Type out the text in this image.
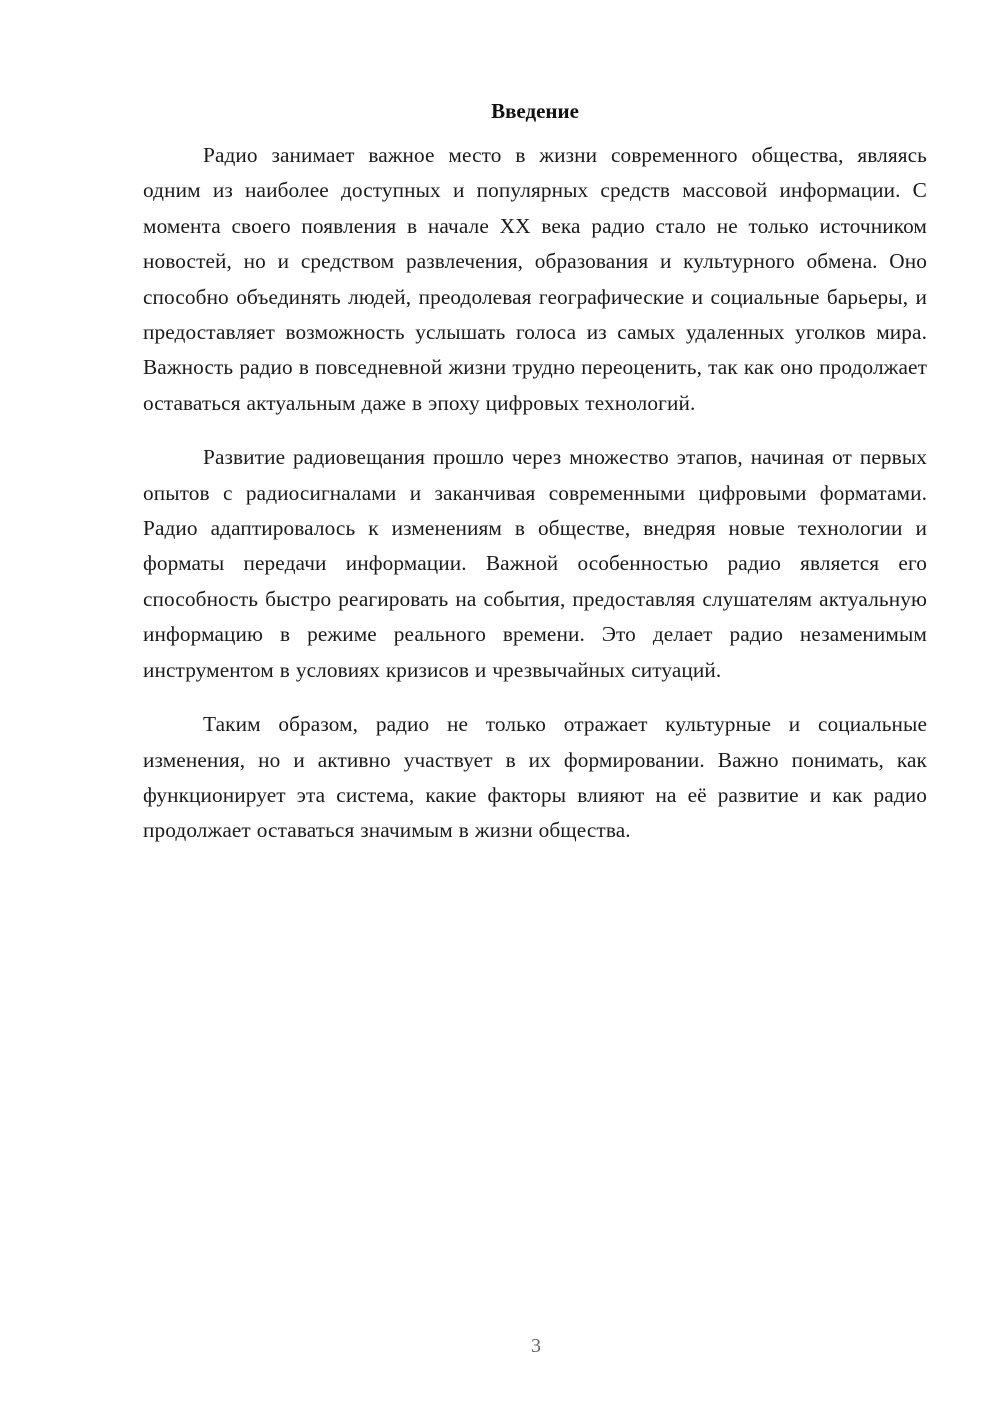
Введение

Радио занимает важное место в жизни современного общества, являясь одним из наиболее доступных и популярных средств массовой информации. С момента своего появления в начале XX века радио стало не только источником новостей, но и средством развлечения, образования и культурного обмена. Оно способно объединять людей, преодолевая географические и социальные барьеры, и предоставляет возможность услышать голоса из самых удаленных уголков мира. Важность радио в повседневной жизни трудно переоценить, так как оно продолжает оставаться актуальным даже в эпоху цифровых технологий.

Развитие радиовещания прошло через множество этапов, начиная от первых опытов с радиосигналами и заканчивая современными цифровыми форматами. Радио адаптировалось к изменениям в обществе, внедряя новые технологии и форматы передачи информации. Важной особенностью радио является его способность быстро реагировать на события, предоставляя слушателям актуальную информацию в режиме реального времени. Это делает радио незаменимым инструментом в условиях кризисов и чрезвычайных ситуаций.

Таким образом, радио не только отражает культурные и социальные изменения, но и активно участвует в их формировании. Важно понимать, как функционирует эта система, какие факторы влияют на её развитие и как радио продолжает оставаться значимым в жизни общества.

3
